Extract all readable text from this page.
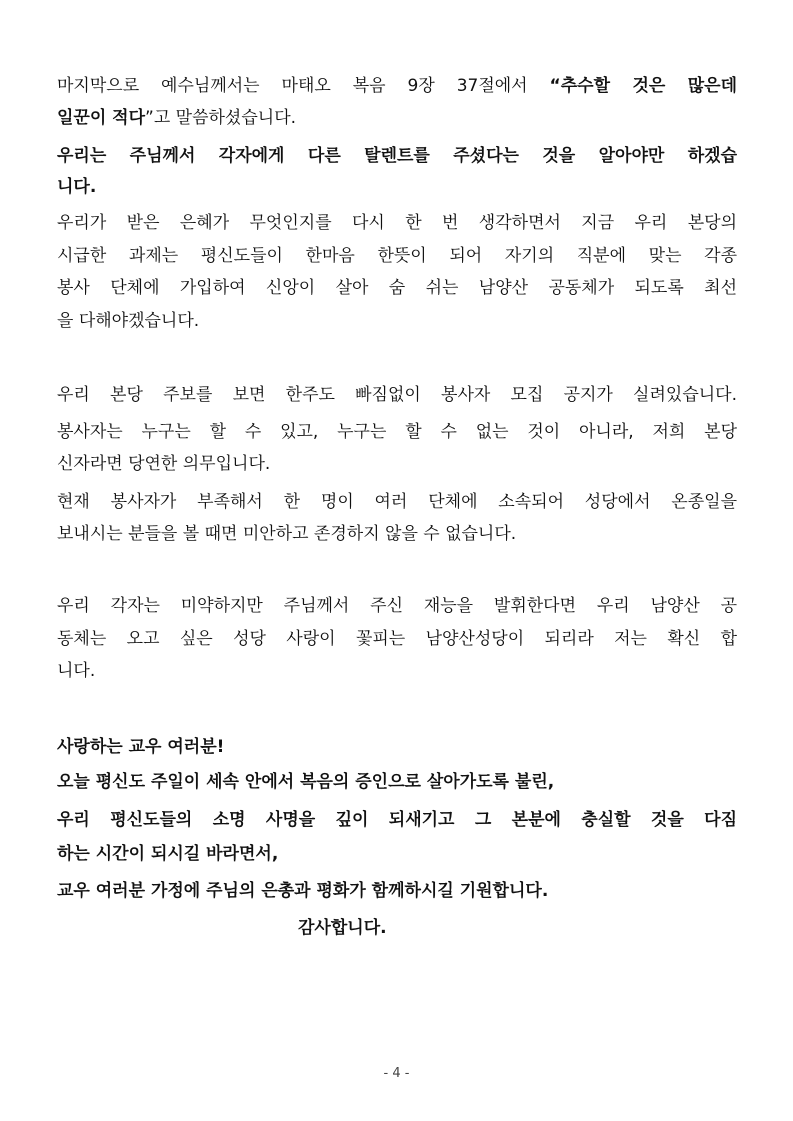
마지막으로 예수님께서는 마태오 복음 9장 37절에서 “추수할 것은 많은데
일꾼이 적다”고 말씀하셨습니다.
우리는 주님께서 각자에게 다른 탈렌트를 주셨다는 것을 알아야만 하겠습
니다.
우리가 받은 은혜가 무엇인지를 다시 한 번 생각하면서 지금 우리 본당의
시급한 과제는 평신도들이 한마음 한뜻이 되어 자기의 직분에 맞는 각종
봉사 단체에 가입하여 신앙이 살아 숨 쉬는 남양산 공동체가 되도록 최선
을 다해야겠습니다.
우리 본당 주보를 보면 한주도 빠짐없이 봉사자 모집 공지가 실려있습니다.
봉사자는 누구는 할 수 있고, 누구는 할 수 없는 것이 아니라, 저희 본당
신자라면 당연한 의무입니다.
현재 봉사자가 부족해서 한 명이 여러 단체에 소속되어 성당에서 온종일을
보내시는 분들을 볼 때면 미안하고 존경하지 않을 수 없습니다.
우리 각자는 미약하지만 주님께서 주신 재능을 발휘한다면 우리 남양산 공
동체는 오고 싶은 성당 사랑이 꽃피는 남양산성당이 되리라 저는 확신 합
니다.
사랑하는 교우 여러분!
오늘 평신도 주일이 세속 안에서 복음의 증인으로 살아가도록 불린,
우리 평신도들의 소명 사명을 깊이 되새기고 그 본분에 충실할 것을 다짐
하는 시간이 되시길 바라면서,
교우 여러분 가정에 주님의 은총과 평화가 함께하시길 기원합니다.
감사합니다.
- 4 -
